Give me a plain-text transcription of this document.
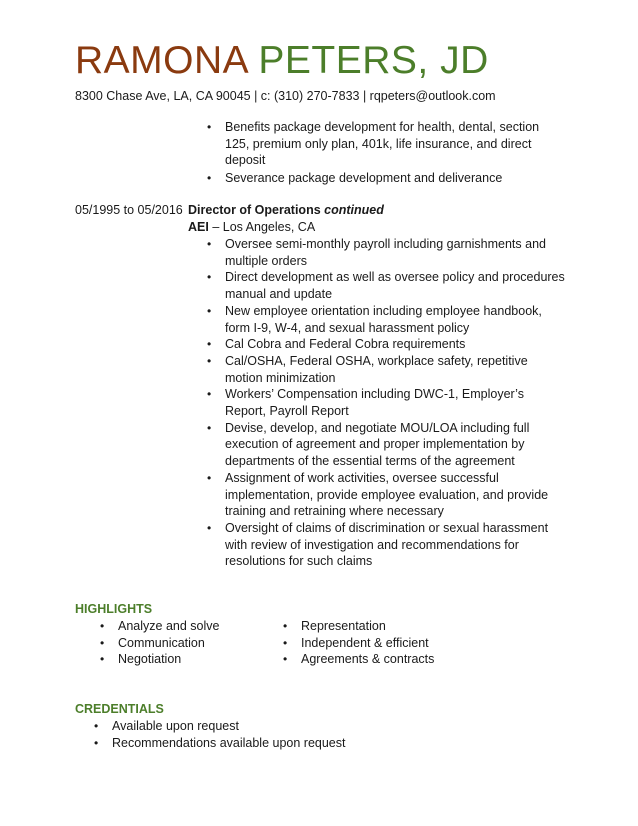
RAMONA PETERS, JD
8300 Chase Ave, LA, CA 90045 | c: (310) 270-7833 | rqpeters@outlook.com
• Benefits package development for health, dental, section 125, premium only plan, 401k, life insurance, and direct deposit
• Severance package development and deliverance
05/1995 to 05/2016 Director of Operations continued
AEI – Los Angeles, CA
• Oversee semi-monthly payroll including garnishments and multiple orders
• Direct development as well as oversee policy and procedures manual and update
• New employee orientation including employee handbook, form I-9, W-4, and sexual harassment policy
• Cal Cobra and Federal Cobra requirements
• Cal/OSHA, Federal OSHA, workplace safety, repetitive motion minimization
• Workers’ Compensation including DWC-1, Employer’s Report, Payroll Report
• Devise, develop, and negotiate MOU/LOA including full execution of agreement and proper implementation by departments of the essential terms of the agreement
• Assignment of work activities, oversee successful implementation, provide employee evaluation, and provide training and retraining where necessary
• Oversight of claims of discrimination or sexual harassment with review of investigation and recommendations for resolutions for such claims
HIGHLIGHTS
• Analyze and solve
• Communication
• Negotiation
• Representation
• Independent & efficient
• Agreements & contracts
CREDENTIALS
• Available upon request
• Recommendations available upon request
